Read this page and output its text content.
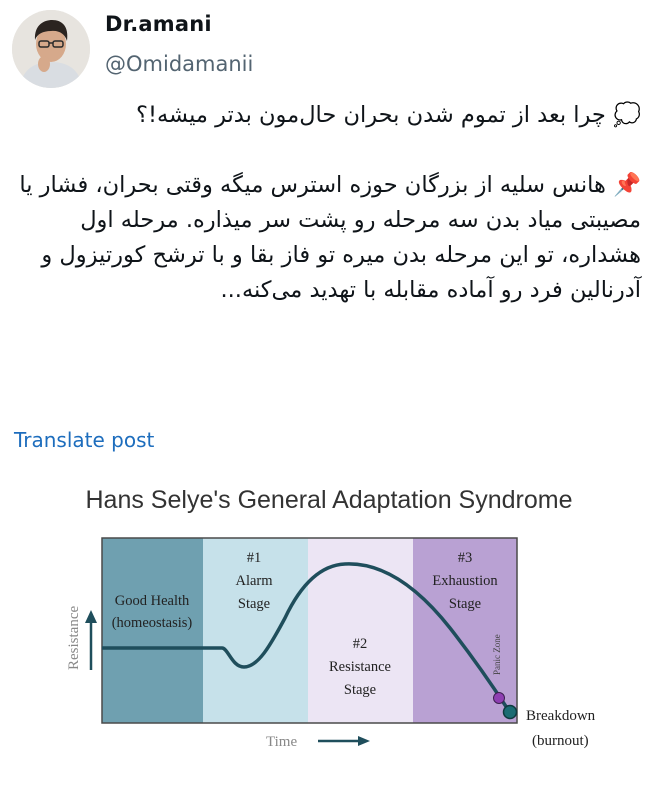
Dr.amani
@Omidamanii

💭 چرا بعد از تموم شدن بحران حال‌مون بدتر میشه!؟

📌 هانس سلیه از بزرگان حوزه استرس میگه وقتی بحران، فشار یا مصیبتی میاد بدن سه مرحله رو پشت سر میذاره. مرحله اول هشداره، تو این مرحله بدن میره تو فاز بقا و با ترشح کورتیزول و آدرنالین فرد رو آماده مقابله با تهدید می‌کنه...

Translate post
Hans Selye's General Adaptation Syndrome
Good Health
(homeostasis)
#1
Alarm
Stage
#2
Resistance
Stage
#3
Exhaustion
Stage
Panic Zone
Resistance
Time
Breakdown
(burnout)
